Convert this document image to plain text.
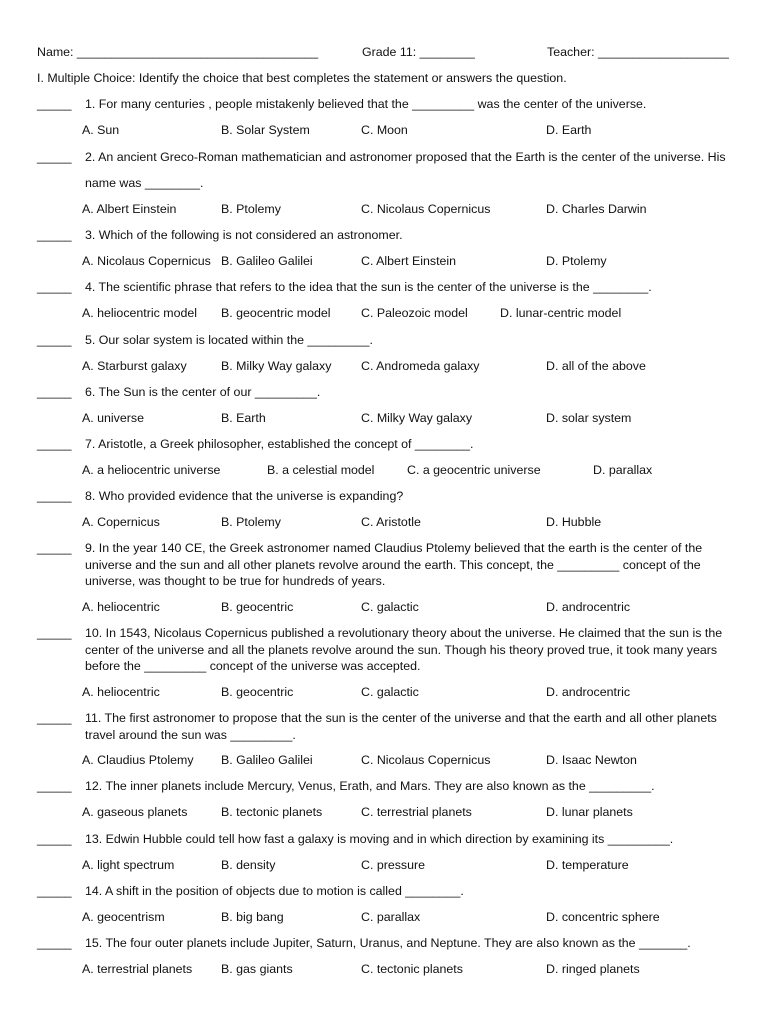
Name: ___________________________________	Grade 11: ________	Teacher: ___________________
I. Multiple Choice: Identify the choice that best completes the statement or answers the question.
_____ 1. For many centuries , people mistakenly believed that the _________ was the center of the universe.
A. Sun	B. Solar System	C. Moon	D. Earth
_____ 2. An ancient Greco-Roman mathematician and astronomer proposed that the Earth is the center of the universe. His name was ________.
A. Albert Einstein	B. Ptolemy	C. Nicolaus Copernicus	D. Charles Darwin
_____ 3. Which of the following is not considered an astronomer.
A. Nicolaus Copernicus B. Galileo Galilei	C. Albert Einstein	D. Ptolemy
_____ 4. The scientific phrase that refers to the idea that the sun is the center of the universe is the ________.
A. heliocentric model B. geocentric model C. Paleozoic model	D. lunar-centric model
_____ 5. Our solar system is located within the _________.
A. Starburst galaxy	B. Milky Way galaxy C. Andromeda galaxy	D. all of the above
_____ 6. The Sun is the center of our _________.
A. universe	B. Earth	C. Milky Way galaxy	D. solar system
_____ 7. Aristotle, a Greek philosopher, established the concept of ________.
A. a heliocentric universe	B. a celestial model	C. a geocentric universe	D. parallax
_____ 8. Who provided evidence that the universe is expanding?
A. Copernicus	B. Ptolemy	C. Aristotle	D. Hubble
_____ 9. In the year 140 CE, the Greek astronomer named Claudius Ptolemy believed that the earth is the center of the universe and the sun and all other planets revolve around the earth. This concept, the _________ concept of the universe, was thought to be true for hundreds of years.
A. heliocentric	B. geocentric	C. galactic	D. androcentric
_____ 10. In 1543, Nicolaus Copernicus published a revolutionary theory about the universe. He claimed that the sun is the center of the universe and all the planets revolve around the sun. Though his theory proved true, it took many years before the _________ concept of the universe was accepted.
A. heliocentric	B. geocentric	C. galactic	D. androcentric
_____ 11. The first astronomer to propose that the sun is the center of the universe and that the earth and all other planets travel around the sun was _________.
A. Claudius Ptolemy B. Galileo Galilei	C. Nicolaus Copernicus	D. Isaac Newton
_____ 12. The inner planets include Mercury, Venus, Erath, and Mars. They are also known as the _________.
A. gaseous planets	B. tectonic planets	C. terrestrial planets	D. lunar planets
_____ 13. Edwin Hubble could tell how fast a galaxy is moving and in which direction by examining its _________.
A. light spectrum	B. density	C. pressure	D. temperature
_____ 14. A shift in the position of objects due to motion is called ________.
A. geocentrism	B. big bang	C. parallax	D. concentric sphere
_____ 15. The four outer planets include Jupiter, Saturn, Uranus, and Neptune. They are also known as the _______.
A. terrestrial planets B. gas giants	C. tectonic planets	D. ringed planets
